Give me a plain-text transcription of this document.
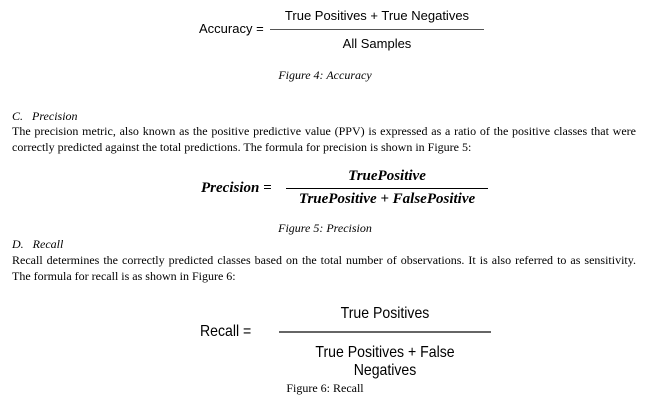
Accuracy =
True Positives + True Negatives
All Samples
Figure 4: Accuracy
C.   Precision
The precision metric, also known as the positive predictive value (PPV) is expressed as a ratio of the positive classes that were correctly predicted against the total predictions. The formula for precision is shown in Figure 5:
Precision =
TruePositive
TruePositive + FalsePositive
Figure 5: Precision
D.   Recall
Recall determines the correctly predicted classes based on the total number of observations. It is also referred to as sensitivity. The formula for recall is as shown in Figure 6:
Recall =
True Positives
True Positives + False Negatives
Figure 6: Recall
